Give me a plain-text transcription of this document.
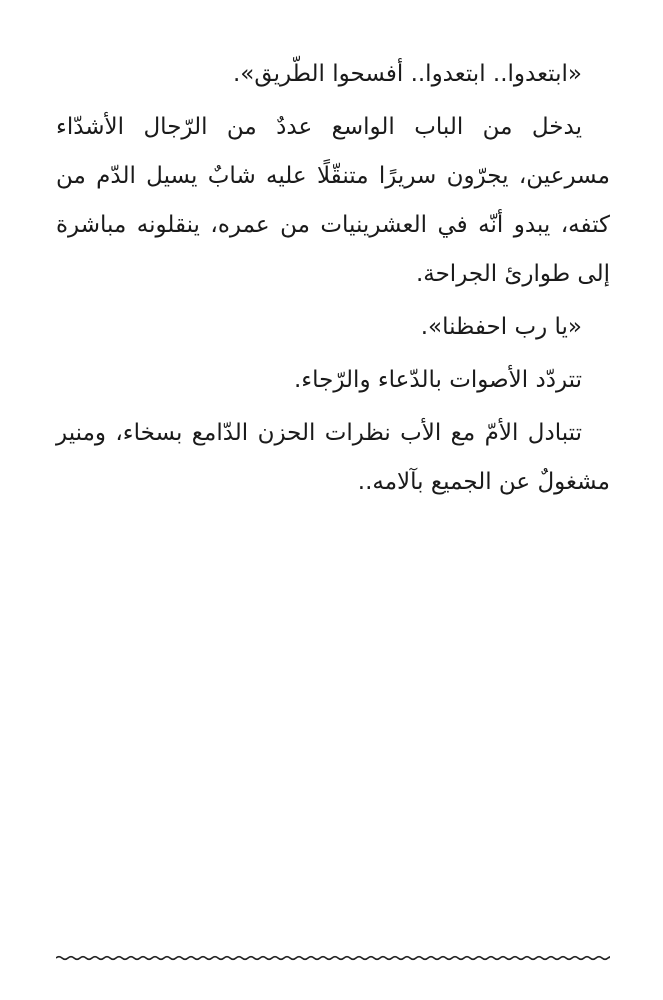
«ابتعدوا.. ابتعدوا.. أفسحوا الطّريق».

يدخل من الباب الواسع عددٌ من الرّجال الأشدّاء مسرعين، يجرّون سريرًا متنقّلًا عليه شابٌ يسيل الدّم من كتفه، يبدو أنّه في العشرينيات من عمره، ينقلونه مباشرة إلى طوارئ الجراحة.

«يا رب احفظنا».

تتردّد الأصوات بالدّعاء والرّجاء.

تتبادل الأمّ مع الأب نظرات الحزن الدّامع بسخاء، ومنير مشغولٌ عن الجميع بآلامه..
